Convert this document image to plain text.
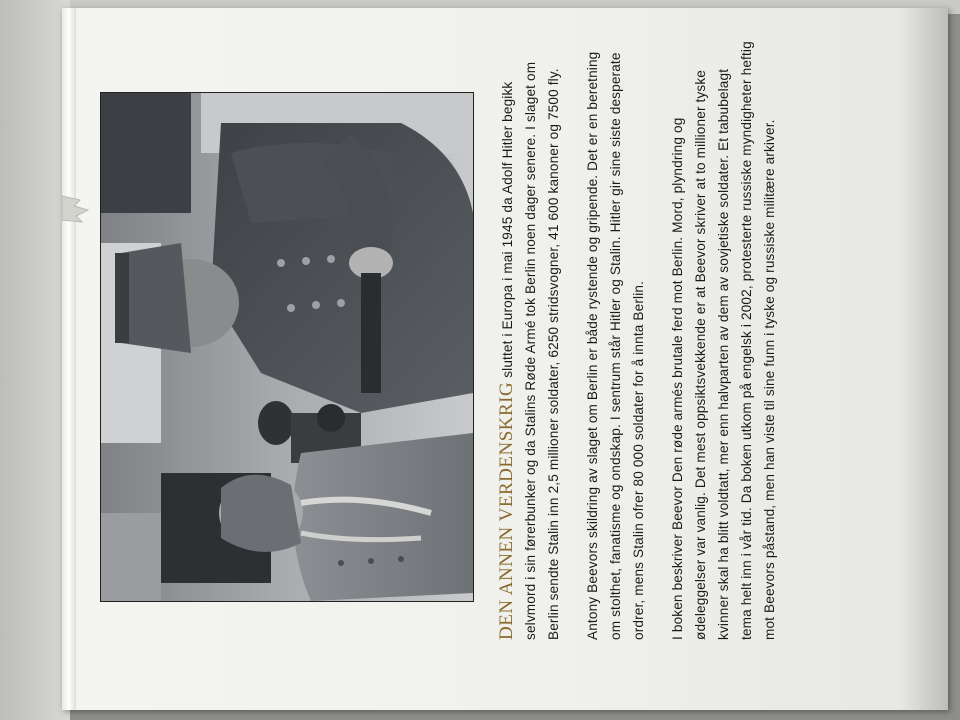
DEN ANNEN VERDENSKRIGsluttet i Europa i mai 1945 da Adolf Hitler begikk selvmord i sin førerbunker og da Stalins Røde Armé tok Berlin noen dager senere. I slaget om Berlin sendte Stalin inn 2,5 millioner soldater, 6250 stridsvogner, 41 600 kanoner og 7500 fly. Antony Beevors skildring av slaget om Berlin er både rystende og gripende. Det er en beretning om stolthet, fanatisme og ondskap. I sentrum står Hitler og Stalin. Hitler gir sine siste desperate ordrer, mens Stalin ofrer 80 000 soldater for å innta Berlin. I boken beskriver Beevor Den røde armés brutale ferd mot Berlin. Mord, plyndring og ødeleggelser var vanlig. Det mest oppsiktsvekkende er at Beevor skriver at to millioner tyske kvinner skal ha blitt voldtatt, mer enn halvparten av dem av sovjetiske soldater. Et tabubelagt tema helt inn i vår tid. Da boken utkom på engelsk i 2002, protesterte russiske myndigheter heftig mot Beevors påstand, men han viste til sine funn i tyske og russiske militære arkiver.
